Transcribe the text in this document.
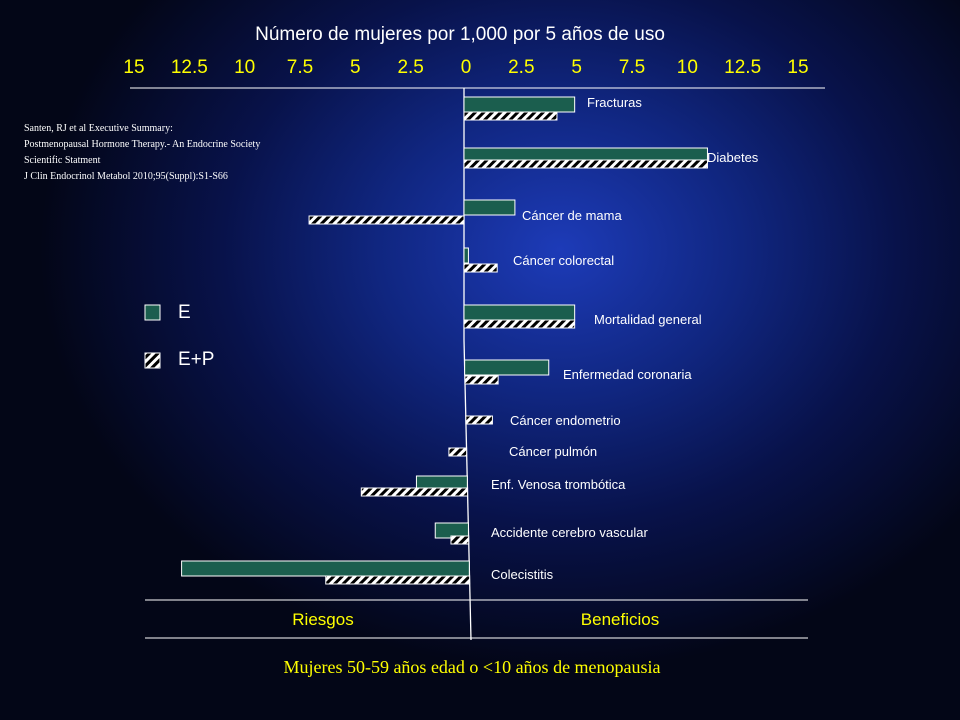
Número de mujeres por 1,000 por 5 años de uso
15 12.5 10 7.5 5 2.5 0 2.5 5 7.5 10 12.5 15
Santen, RJ et al Executive Summary:
Postmenopausal Hormone Therapy.- An Endocrine Society
Scientific Statment
J Clin Endocrinol Metabol 2010;95(Suppl):S1-S66
E
E+P
Fracturas
Diabetes
Cáncer de mama
Cáncer colorectal
Mortalidad general
Enfermedad coronaria
Cáncer endometrio
Cáncer pulmón
Enf. Venosa trombótica
Accidente cerebro vascular
Colecistitis
Riesgos	Beneficios
Mujeres 50-59 años edad o <10 años de menopausia
